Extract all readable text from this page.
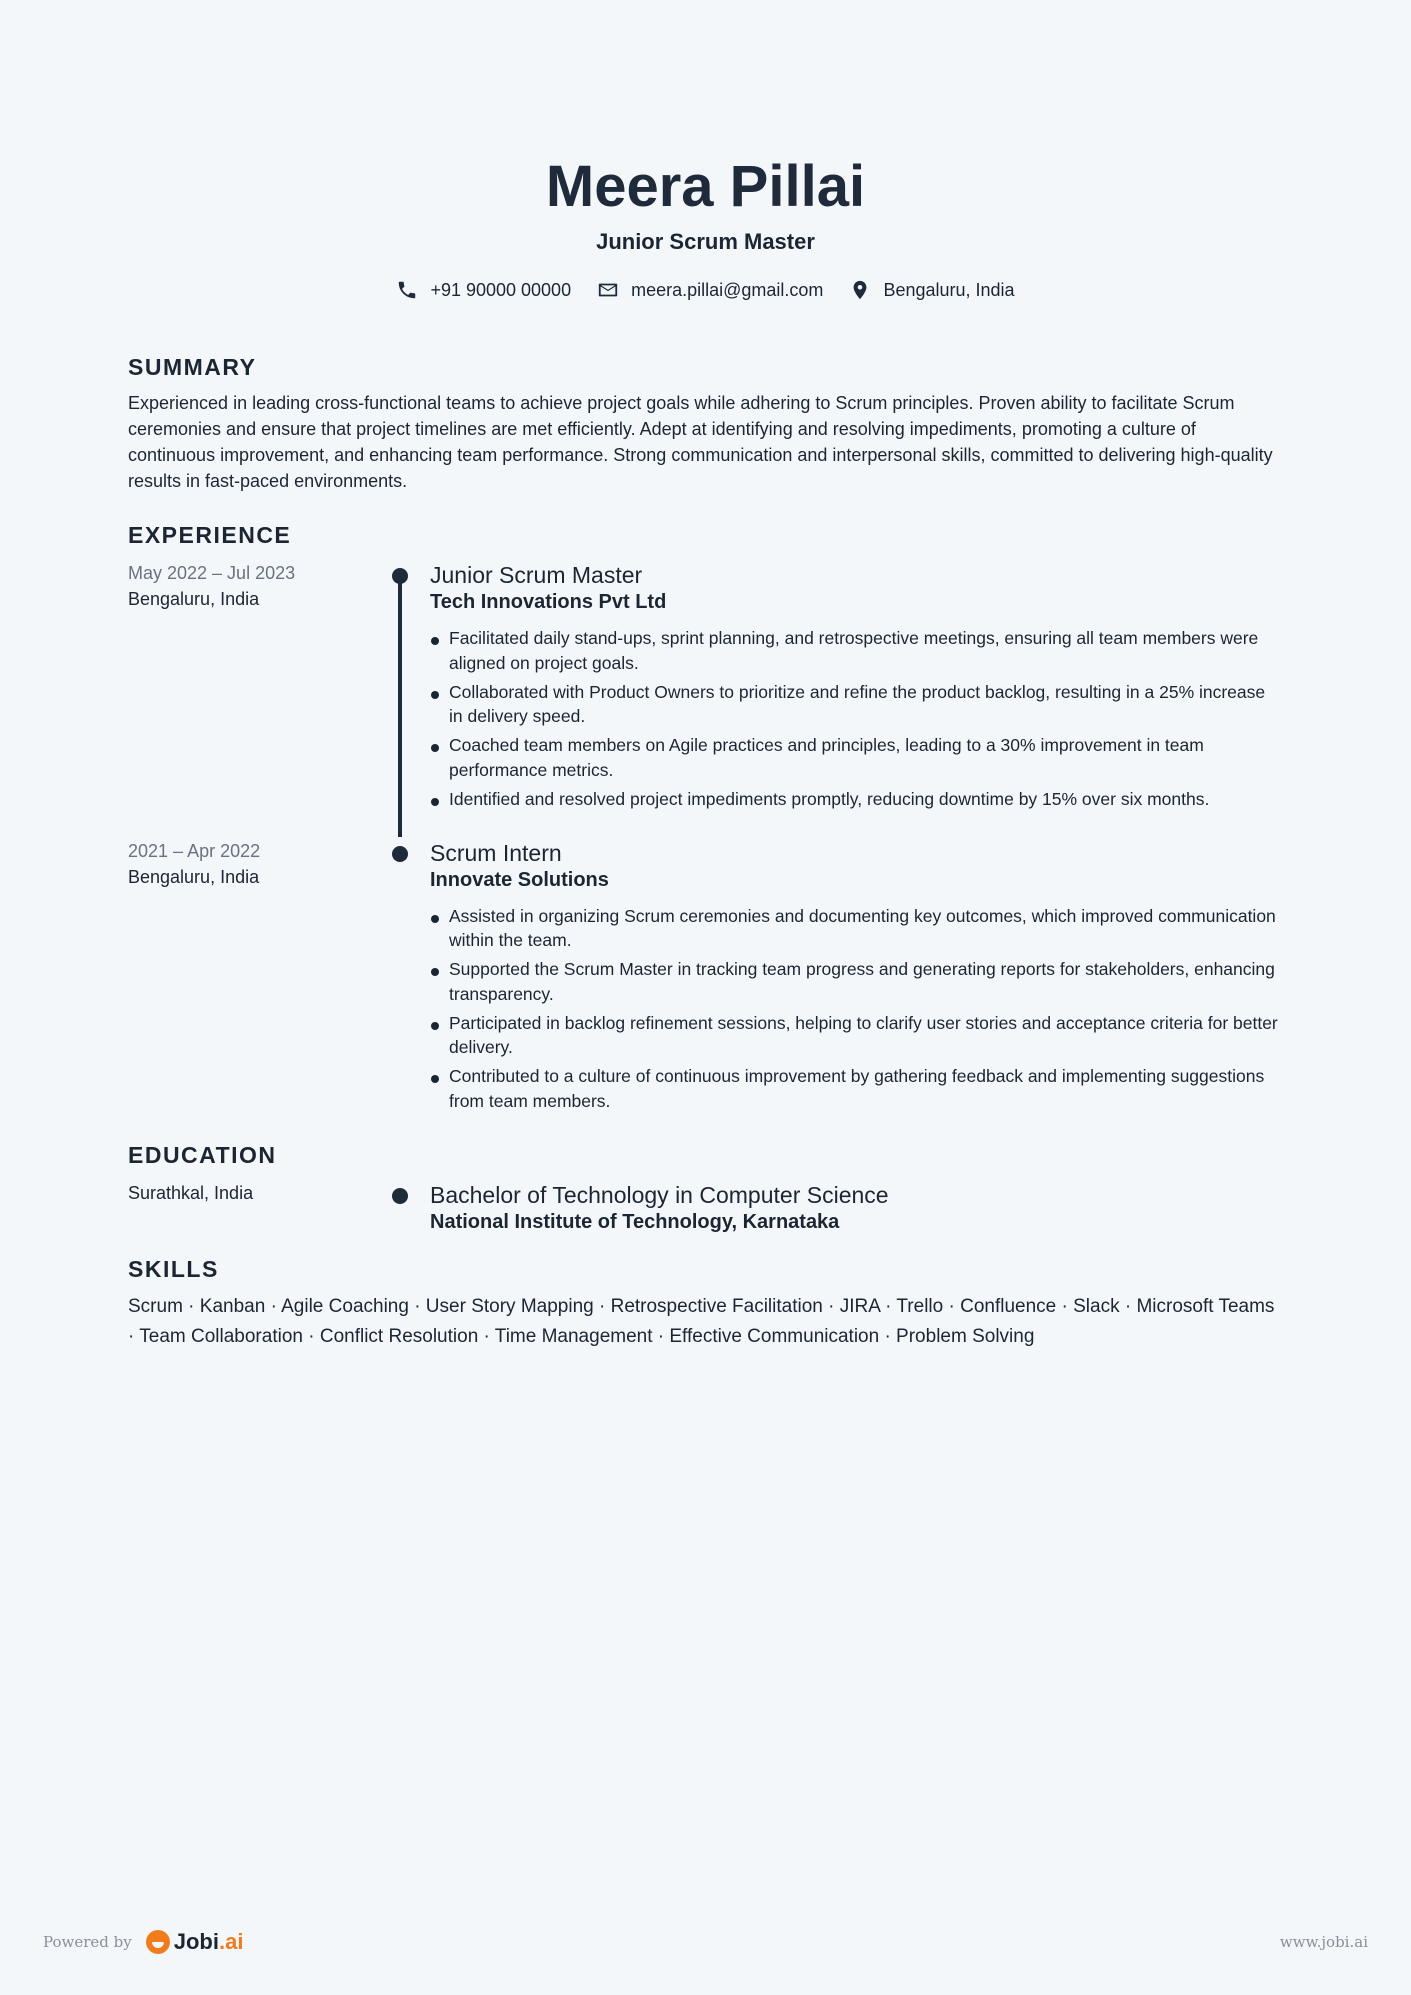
Meera Pillai
Junior Scrum Master
+91 90000 00000	meera.pillai@gmail.com	Bengaluru, India
SUMMARY

Experienced in leading cross-functional teams to achieve project goals while adhering to Scrum principles. Proven ability to facilitate Scrum ceremonies and ensure that project timelines are met efficiently. Adept at identifying and resolving impediments, promoting a culture of continuous improvement, and enhancing team performance. Strong communication and interpersonal skills, committed to delivering high-quality results in fast-paced environments.

EXPERIENCE
May 2022 – Jul 2023
Bengaluru, India
Junior Scrum Master
Tech Innovations Pvt Ltd
Facilitated daily stand-ups, sprint planning, and retrospective meetings, ensuring all team members were aligned on project goals.
Collaborated with Product Owners to prioritize and refine the product backlog, resulting in a 25% increase in delivery speed.
Coached team members on Agile practices and principles, leading to a 30% improvement in team performance metrics.
Identified and resolved project impediments promptly, reducing downtime by 15% over six months.
2021 – Apr 2022
Bengaluru, India
Scrum Intern
Innovate Solutions
Assisted in organizing Scrum ceremonies and documenting key outcomes, which improved communication within the team.
Supported the Scrum Master in tracking team progress and generating reports for stakeholders, enhancing transparency.
Participated in backlog refinement sessions, helping to clarify user stories and acceptance criteria for better delivery.
Contributed to a culture of continuous improvement by gathering feedback and implementing suggestions from team members.
EDUCATION
Surathkal, India	Bachelor of Technology in Computer Science
National Institute of Technology, Karnataka
SKILLS
Scrum · Kanban · Agile Coaching · User Story Mapping · Retrospective Facilitation · JIRA · Trello · Confluence · Slack · Microsoft Teams · Team Collaboration · Conflict Resolution · Time Management · Effective Communication · Problem Solving
Powered by Jobi .ai	www.jobi.ai
